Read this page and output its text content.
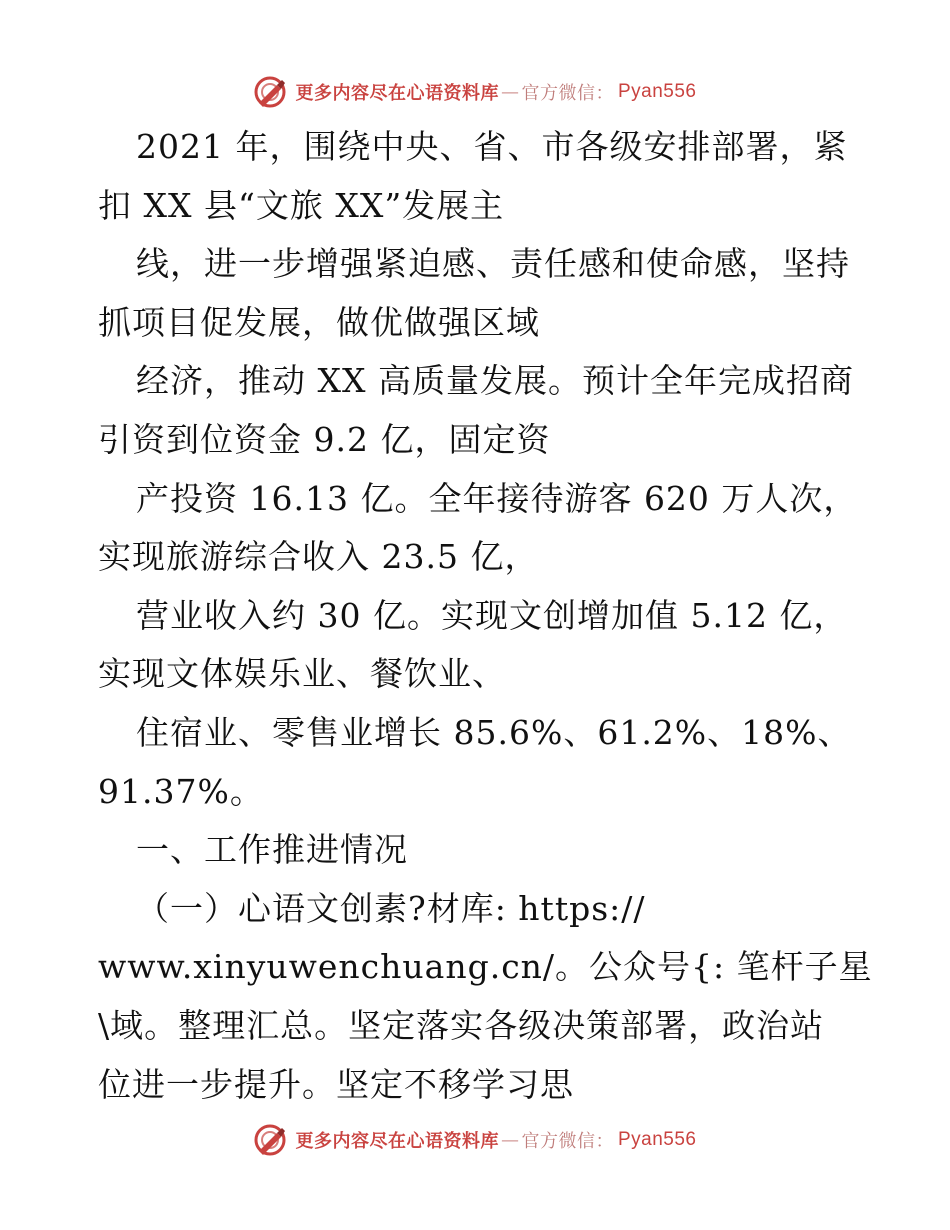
更多内容尽在心语资料库 — 官方微信： Pyan556
2021 年，围绕中央、省、市各级安排部署，紧
扣 XX 县“文旅 XX”发展主
线，进一步增强紧迫感、责任感和使命感，坚持
抓项目促发展，做优做强区域
经济，推动 XX 高质量发展。预计全年完成招商
引资到位资金 9.2 亿，固定资
产投资 16.13 亿。全年接待游客 620 万人次，
实现旅游综合收入 23.5 亿，
营业收入约 30 亿。实现文创增加值 5.12 亿，
实现文体娱乐业、餐饮业、
住宿业、零售业增长 85.6%、61.2%、18%、
91.37%。
一、工作推进情况
（一）心语文创素?材库: https://
www.xinyuwenchuang.cn/。公众号{: 笔杆子星
\域。整理汇总。坚定落实各级决策部署，政治站
位进一步提升。坚定不移学习思
更多内容尽在心语资料库 — 官方微信： Pyan556
